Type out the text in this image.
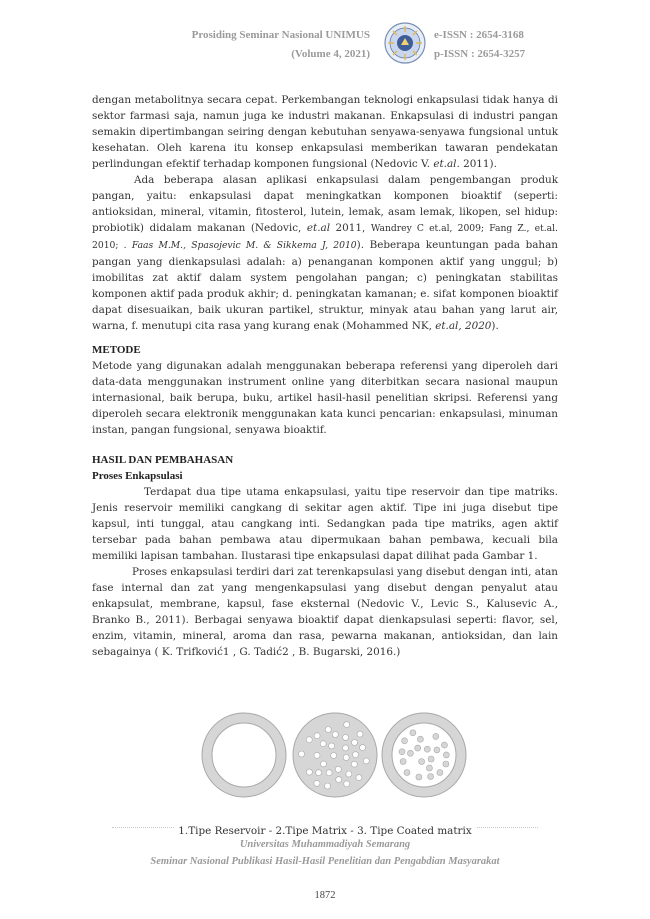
Prosiding Seminar Nasional UNIMUS
(Volume 4, 2021)
e-ISSN : 2654-3168
p-ISSN : 2654-3257

dengan metabolitnya secara cepat. Perkembangan teknologi enkapsulasi tidak hanya di sektor farmasi saja, namun juga ke industri makanan. Enkapsulasi di industri pangan semakin dipertimbangan seiring dengan kebutuhan senyawa-senyawa fungsional untuk kesehatan. Oleh karena itu konsep enkapsulasi memberikan tawaran pendekatan perlindungan efektif terhadap komponen fungsional (Nedovic V. et.al. 2011).

Ada beberapa alasan aplikasi enkapsulasi dalam pengembangan produk pangan, yaitu: enkapsulasi dapat meningkatkan komponen bioaktif (seperti: antioksidan, mineral, vitamin, fitosterol, lutein, lemak, asam lemak, likopen, sel hidup: probiotik) didalam makanan (Nedovic, et.al 2011, Wandrey C et.al, 2009; Fang Z., et.al. 2010; . Faas M.M., Spasojevic M. & Sikkema J, 2010). Beberapa keuntungan pada bahan pangan yang dienkapsulasi adalah: a) penanganan komponen aktif yang unggul; b) imobilitas zat aktif dalam system pengolahan pangan; c) peningkatan stabilitas komponen aktif pada produk akhir; d. peningkatan kamanan; e. sifat komponen bioaktif dapat disesuaikan, baik ukuran partikel, struktur, minyak atau bahan yang larut air, warna, f. menutupi cita rasa yang kurang enak (Mohammed NK, et.al, 2020).

METODE

Metode yang digunakan adalah menggunakan beberapa referensi yang diperoleh dari data-data menggunakan instrument online yang diterbitkan secara nasional maupun internasional, baik berupa, buku, artikel hasil-hasil penelitian skripsi. Referensi yang diperoleh secara elektronik menggunakan kata kunci pencarian: enkapsulasi, minuman instan, pangan fungsional, senyawa bioaktif.

HASIL DAN PEMBAHASAN

Proses Enkapsulasi

Terdapat dua tipe utama enkapsulasi, yaitu tipe reservoir dan tipe matriks. Jenis reservoir memiliki cangkang di sekitar agen aktif. Tipe ini juga disebut tipe kapsul, inti tunggal, atau cangkang inti. Sedangkan pada tipe matriks, agen aktif tersebar pada bahan pembawa atau dipermukaan bahan pembawa, kecuali bila memiliki lapisan tambahan. Ilustarasi tipe enkapsulasi dapat dilihat pada Gambar 1.

Proses enkapsulasi terdiri dari zat terenkapsulasi yang disebut dengan inti, atan fase internal dan zat yang mengenkapsulasi yang disebut dengan penyalut atau enkapsulat, membrane, kapsul, fase eksternal (Nedovic V., Levic S., Kalusevic A., Branko B., 2011). Berbagai senyawa bioaktif dapat dienkapsulasi seperti: flavor, sel, enzim, vitamin, mineral, aroma dan rasa, pewarna makanan, antioksidan, dan lain sebagainya ( K. Trifković1 , G. Tadić2 , B. Bugarski, 2016.)

1.Tipe Reservoir - 2.Tipe Matrix - 3. Tipe Coated matrix
Universitas Muhammadiyah Semarang
Seminar Nasional Publikasi Hasil-Hasil Penelitian dan Pengabdian Masyarakat
1872
